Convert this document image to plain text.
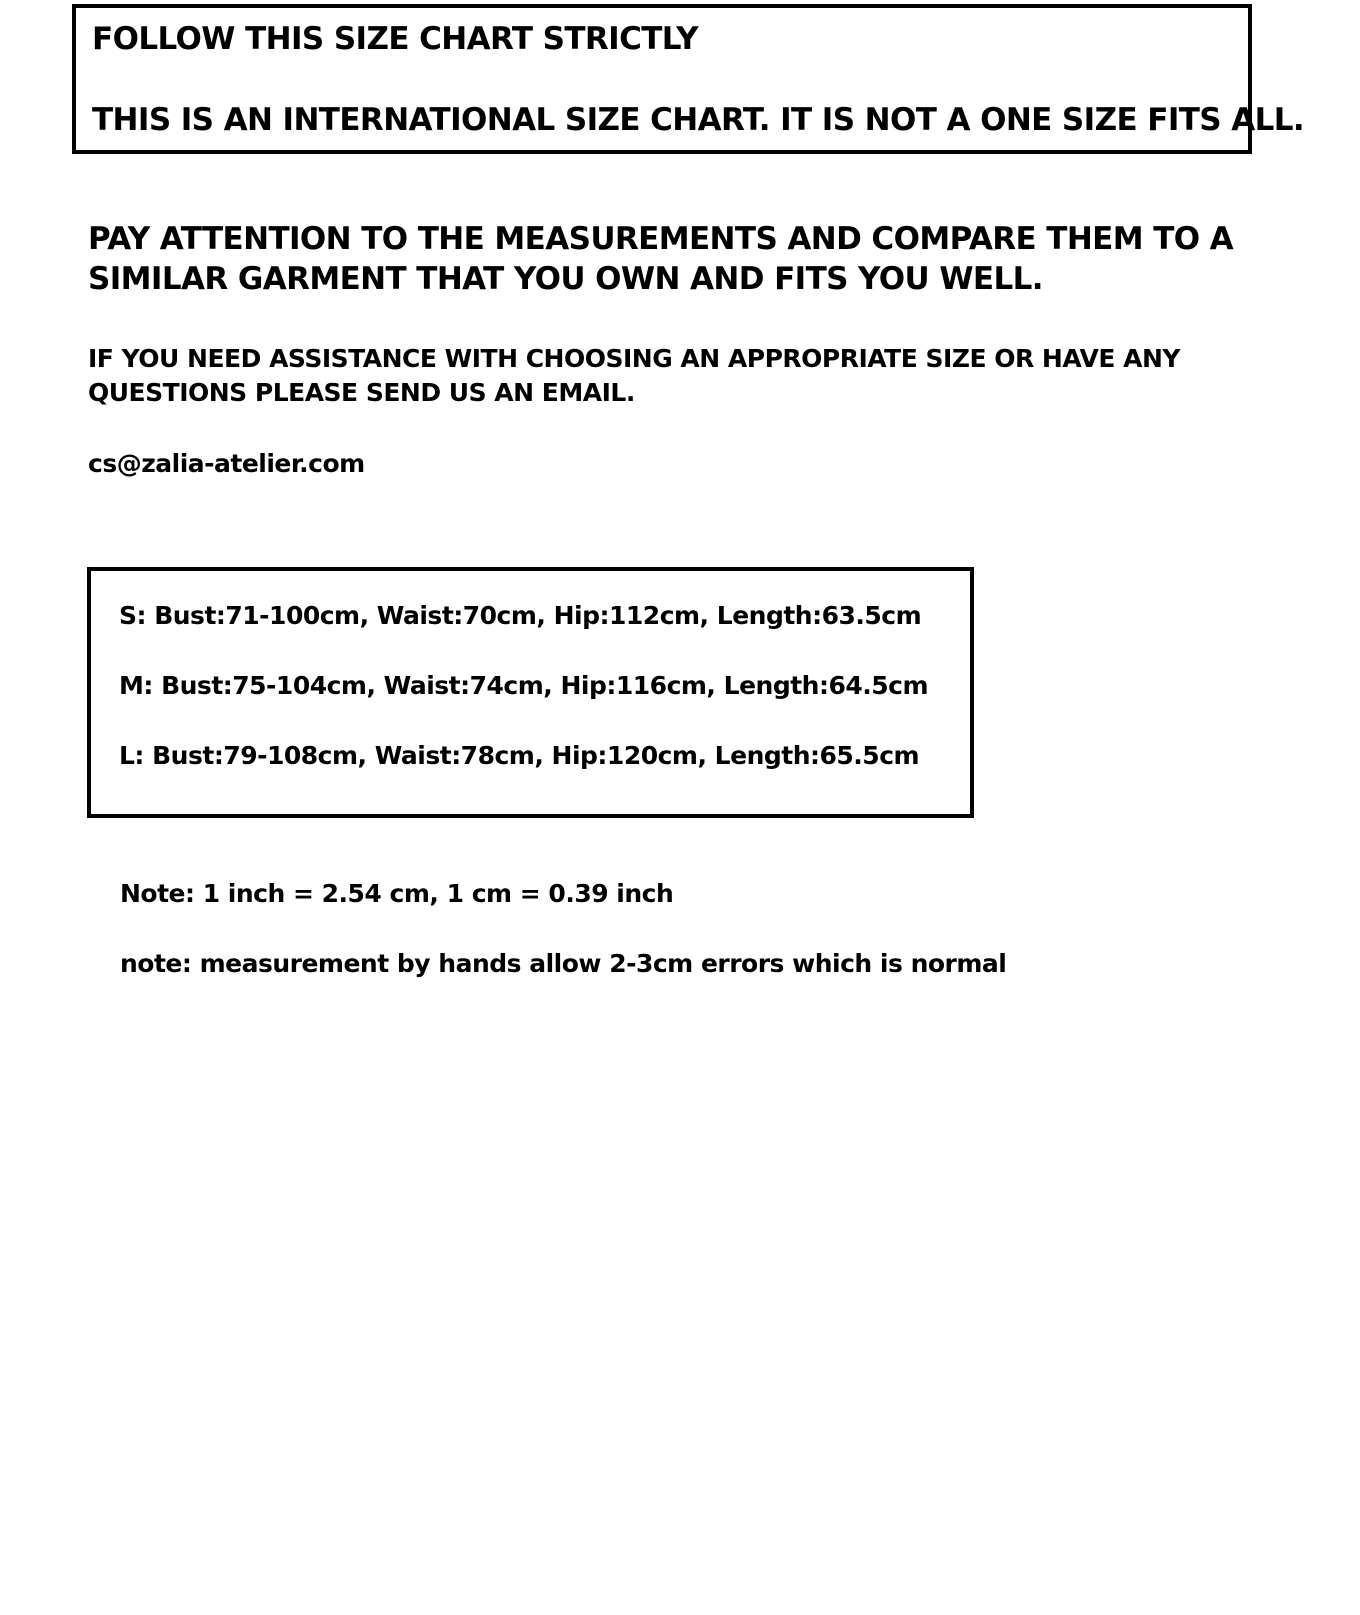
FOLLOW THIS SIZE CHART STRICTLY

THIS IS AN INTERNATIONAL SIZE CHART. IT IS NOT A ONE SIZE FITS ALL.

PAY ATTENTION TO THE MEASUREMENTS AND COMPARE THEM TO A

SIMILAR GARMENT THAT YOU OWN AND FITS YOU WELL.

IF YOU NEED ASSISTANCE WITH CHOOSING AN APPROPRIATE SIZE OR HAVE ANY

QUESTIONS PLEASE SEND US AN EMAIL.

cs@zalia-atelier.com

S: Bust:71-100cm, Waist:70cm, Hip:112cm, Length:63.5cm

M: Bust:75-104cm, Waist:74cm, Hip:116cm, Length:64.5cm

L: Bust:79-108cm, Waist:78cm, Hip:120cm, Length:65.5cm

Note: 1 inch = 2.54 cm, 1 cm = 0.39 inch

note: measurement by hands allow 2-3cm errors which is normal
